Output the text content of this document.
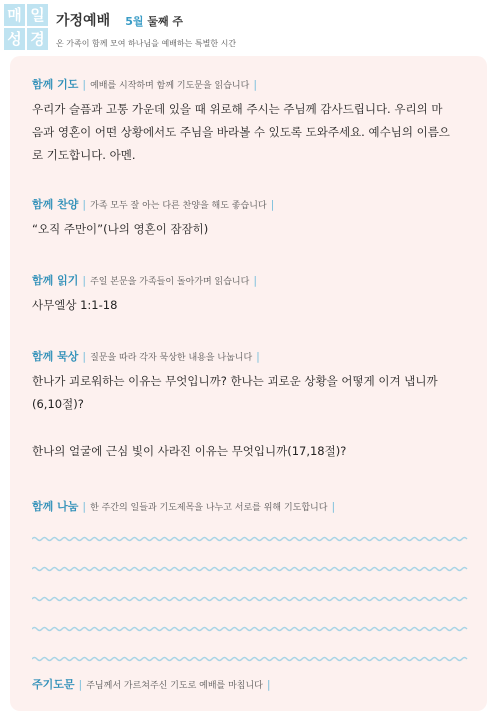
매 일
성 경
가정예배 5월 둘째 주
온 가족이 함께 모여 하나님을 예배하는 특별한 시간
함께 기도 | 예배를 시작하며 함께 기도문을 읽습니다 |
우리가 슬픔과 고통 가운데 있을 때 위로해 주시는 주님께 감사드립니다. 우리의 마
음과 영혼이 어떤 상황에서도 주님을 바라볼 수 있도록 도와주세요. 예수님의 이름으
로 기도합니다. 아멘.
함께 찬양 | 가족 모두 잘 아는 다른 찬양을 해도 좋습니다 |
“오직 주만이”(나의 영혼이 잠잠히)
함께 읽기 | 주일 본문을 가족들이 돌아가며 읽습니다 |
사무엘상 1:1-18
함께 묵상 | 질문을 따라 각자 묵상한 내용을 나눕니다 |
한나가 괴로워하는 이유는 무엇입니까? 한나는 괴로운 상황을 어떻게 이겨 냅니까
(6,10절)?
한나의 얼굴에 근심 빛이 사라진 이유는 무엇입니까(17,18절)?
함께 나눔 | 한 주간의 일들과 기도제목을 나누고 서로를 위해 기도합니다 |

주기도문 | 주님께서 가르쳐주신 기도로 예배를 마칩니다 |
